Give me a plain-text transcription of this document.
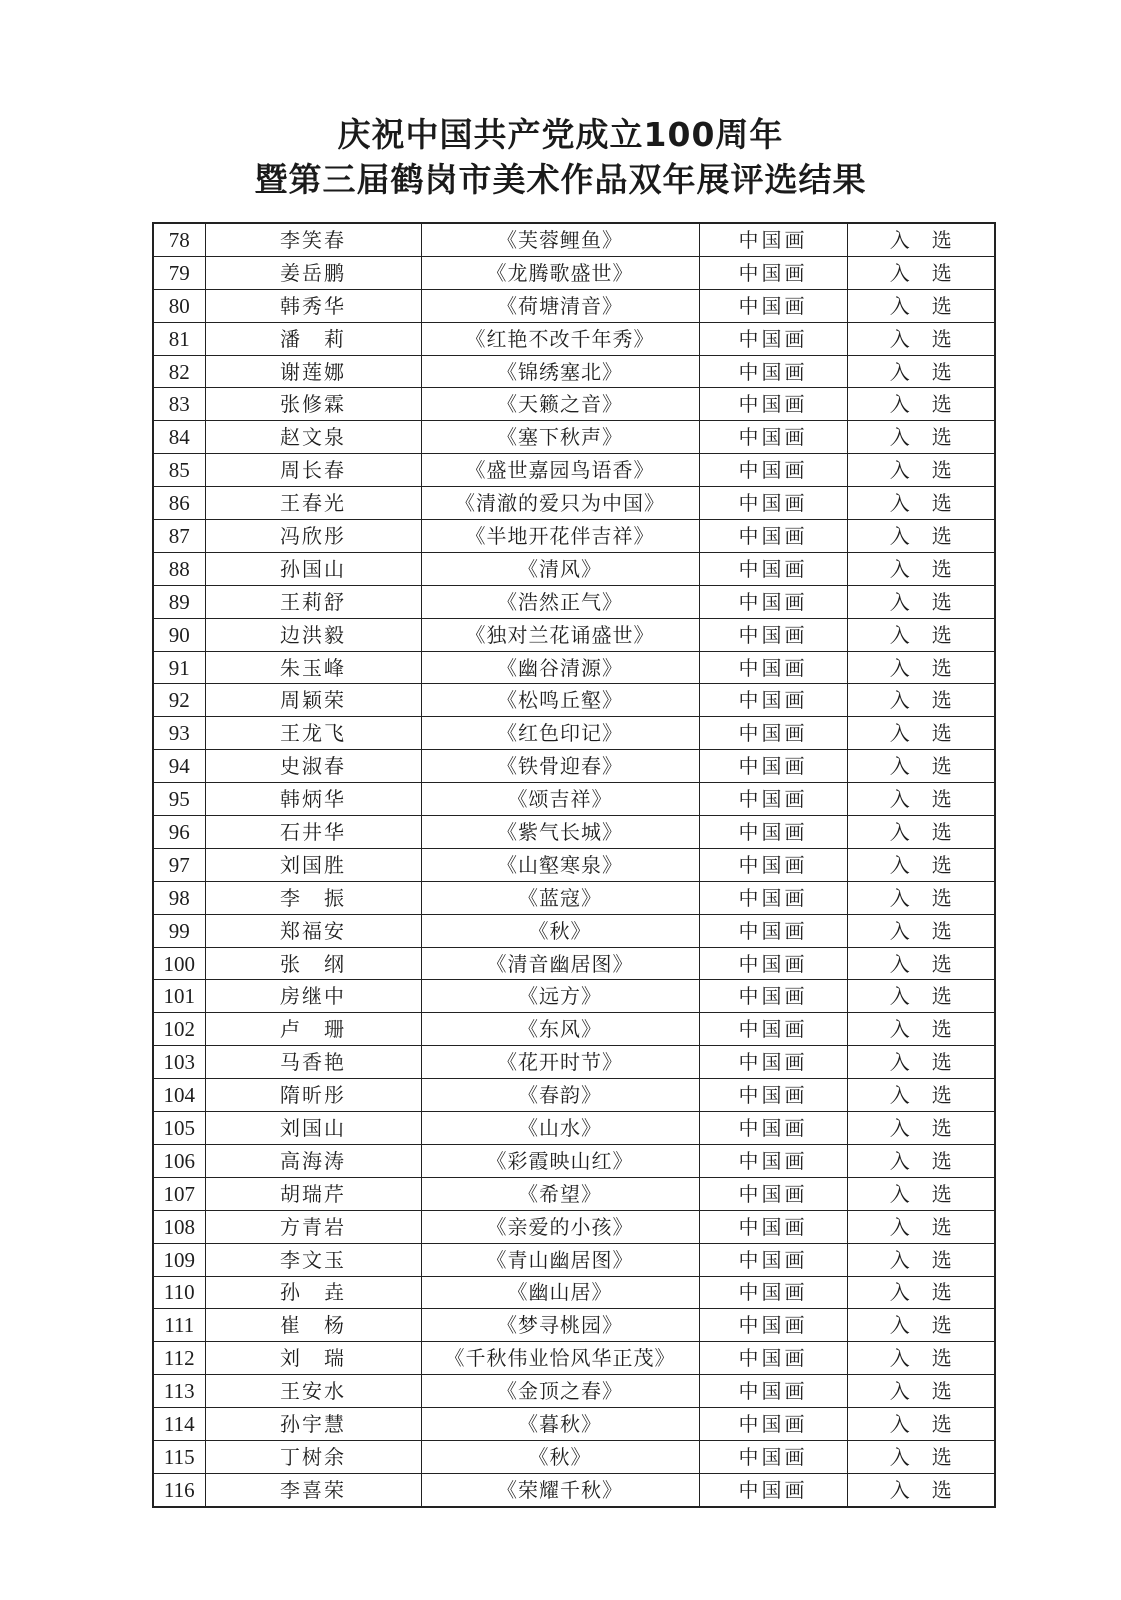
庆祝中国共产党成立100周年
暨第三届鹤岗市美术作品双年展评选结果
78	李笑春	《芙蓉鲤鱼》	中国画	入选
79	姜岳鹏	《龙腾歌盛世》	中国画	入选
80	韩秀华	《荷塘清音》	中国画	入选
81	潘　莉	《红艳不改千年秀》	中国画	入选
82	谢莲娜	《锦绣塞北》	中国画	入选
83	张修霖	《天籁之音》	中国画	入选
84	赵文泉	《塞下秋声》	中国画	入选
85	周长春	《盛世嘉园鸟语香》	中国画	入选
86	王春光	《清澈的爱只为中国》	中国画	入选
87	冯欣彤	《半地开花伴吉祥》	中国画	入选
88	孙国山	《清风》	中国画	入选
89	王莉舒	《浩然正气》	中国画	入选
90	边洪毅	《独对兰花诵盛世》	中国画	入选
91	朱玉峰	《幽谷清源》	中国画	入选
92	周颖荣	《松鸣丘壑》	中国画	入选
93	王龙飞	《红色印记》	中国画	入选
94	史淑春	《铁骨迎春》	中国画	入选
95	韩炳华	《颂吉祥》	中国画	入选
96	石井华	《紫气长城》	中国画	入选
97	刘国胜	《山壑寒泉》	中国画	入选
98	李　振	《蓝寇》	中国画	入选
99	郑福安	《秋》	中国画	入选
100	张　纲	《清音幽居图》	中国画	入选
101	房继中	《远方》	中国画	入选
102	卢　珊	《东风》	中国画	入选
103	马香艳	《花开时节》	中国画	入选
104	隋昕彤	《春韵》	中国画	入选
105	刘国山	《山水》	中国画	入选
106	高海涛	《彩霞映山红》	中国画	入选
107	胡瑞芹	《希望》	中国画	入选
108	方青岩	《亲爱的小孩》	中国画	入选
109	李文玉	《青山幽居图》	中国画	入选
110	孙　垚	《幽山居》	中国画	入选
111	崔　杨	《梦寻桃园》	中国画	入选
112	刘　瑞	《千秋伟业恰风华正茂》	中国画	入选
113	王安水	《金顶之春》	中国画	入选
114	孙宇慧	《暮秋》	中国画	入选
115	丁树余	《秋》	中国画	入选
116	李喜荣	《荣耀千秋》	中国画	入选
